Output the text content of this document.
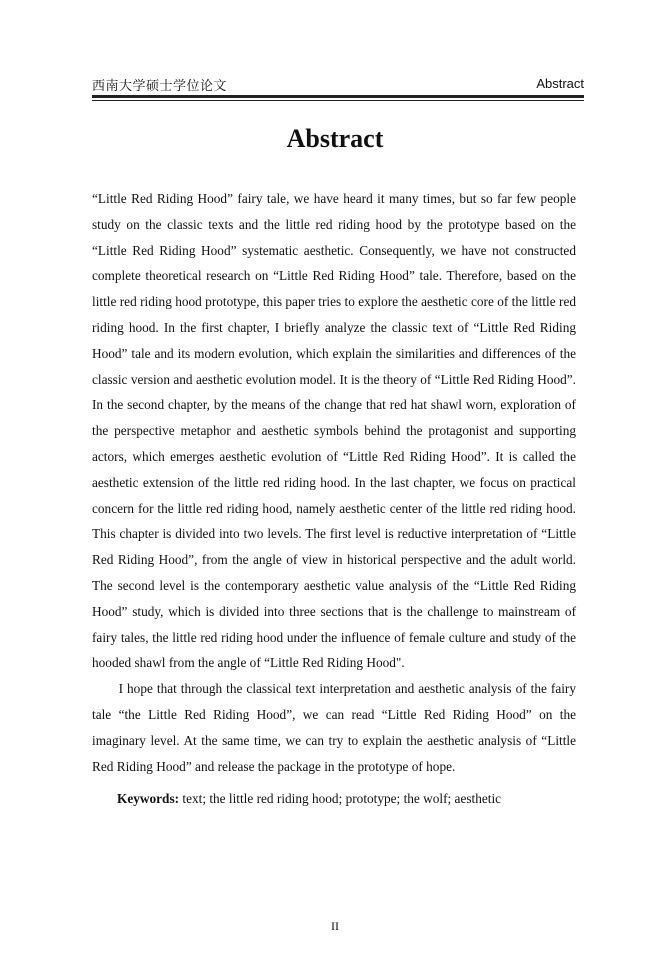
西南大学硕士学位论文	Abstract
Abstract

“Little Red Riding Hood” fairy tale, we have heard it many times, but so far few people study on the classic texts and the little red riding hood by the prototype based on the “Little Red Riding Hood” systematic aesthetic. Consequently, we have not constructed complete theoretical research on “Little Red Riding Hood” tale. Therefore, based on the little red riding hood prototype, this paper tries to explore the aesthetic core of the little red riding hood. In the first chapter, I briefly analyze the classic text of “Little Red Riding Hood” tale and its modern evolution, which explain the similarities and differences of the classic version and aesthetic evolution model. It is the theory of “Little Red Riding Hood”. In the second chapter, by the means of the change that red hat shawl worn, exploration of the perspective metaphor and aesthetic symbols behind the protagonist and supporting actors, which emerges aesthetic evolution of “Little Red Riding Hood”. It is called the aesthetic extension of the little red riding hood. In the last chapter, we focus on practical concern for the little red riding hood, namely aesthetic center of the little red riding hood. This chapter is divided into two levels. The first level is reductive interpretation of “Little Red Riding Hood”, from the angle of view in historical perspective and the adult world. The second level is the contemporary aesthetic value analysis of the “Little Red Riding Hood” study, which is divided into three sections that is the challenge to mainstream of fairy tales, the little red riding hood under the influence of female culture and study of the hooded shawl from the angle of “Little Red Riding Hood".

I hope that through the classical text interpretation and aesthetic analysis of the fairy tale “the Little Red Riding Hood”, we can read “Little Red Riding Hood” on the imaginary level. At the same time, we can try to explain the aesthetic analysis of “Little Red Riding Hood” and release the package in the prototype of hope.

Keywords: text; the little red riding hood; prototype; the wolf; aesthetic
II
